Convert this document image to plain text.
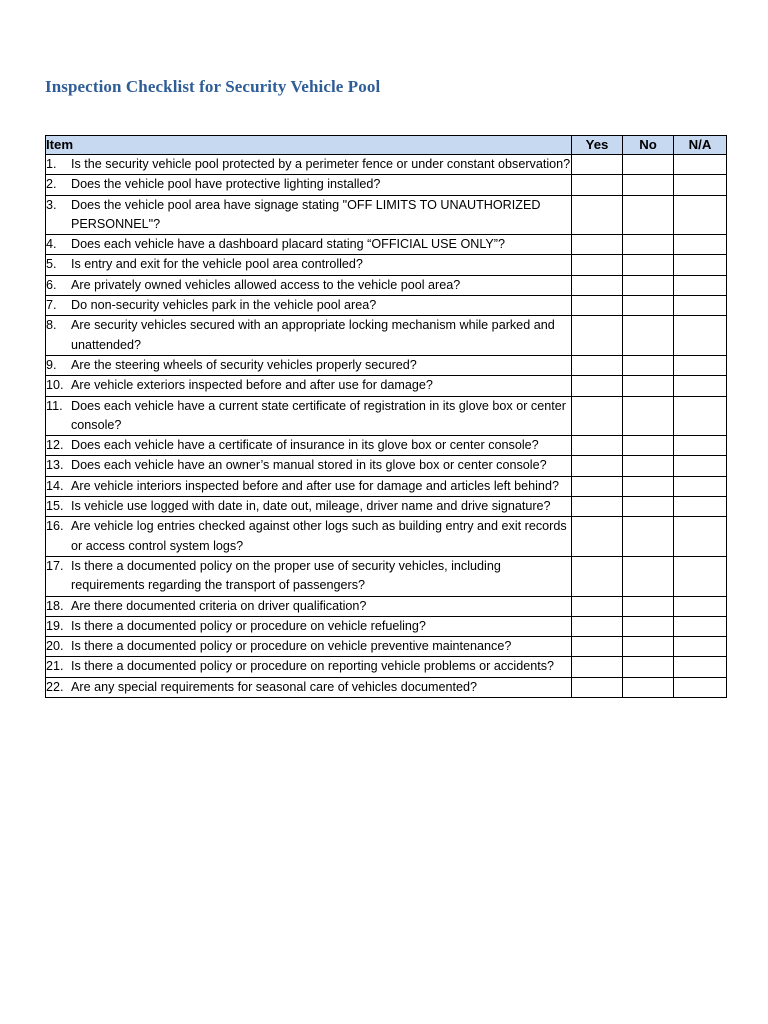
Inspection Checklist for Security Vehicle Pool
Item	Yes	No	N/A

1. Is the security vehicle pool protected by a perimeter fence or under constant observation?			

2. Does the vehicle pool have protective lighting installed?			

3. Does the vehicle pool area have signage stating "OFF LIMITS TO UNAUTHORIZED PERSONNEL"?			

4. Does each vehicle have a dashboard placard stating “OFFICIAL USE ONLY”?			

5. Is entry and exit for the vehicle pool area controlled?			

6. Are privately owned vehicles allowed access to the vehicle pool area?			

7. Do non-security vehicles park in the vehicle pool area?			

8. Are security vehicles secured with an appropriate locking mechanism while parked and unattended?			

9. Are the steering wheels of security vehicles properly secured?			

10. Are vehicle exteriors inspected before and after use for damage?			

11. Does each vehicle have a current state certificate of registration in its glove box or center console?			

12. Does each vehicle have a certificate of insurance in its glove box or center console?			

13. Does each vehicle have an owner’s manual stored in its glove box or center console?			

14. Are vehicle interiors inspected before and after use for damage and articles left behind?			

15. Is vehicle use logged with date in, date out, mileage, driver name and drive signature?			

16. Are vehicle log entries checked against other logs such as building entry and exit records or access control system logs?			

17. Is there a documented policy on the proper use of security vehicles, including requirements regarding the transport of passengers?			

18. Are there documented criteria on driver qualification?			

19. Is there a documented policy or procedure on vehicle refueling?			

20. Is there a documented policy or procedure on vehicle preventive maintenance?			

21. Is there a documented policy or procedure on reporting vehicle problems or accidents?			

22. Are any special requirements for seasonal care of vehicles documented?			
